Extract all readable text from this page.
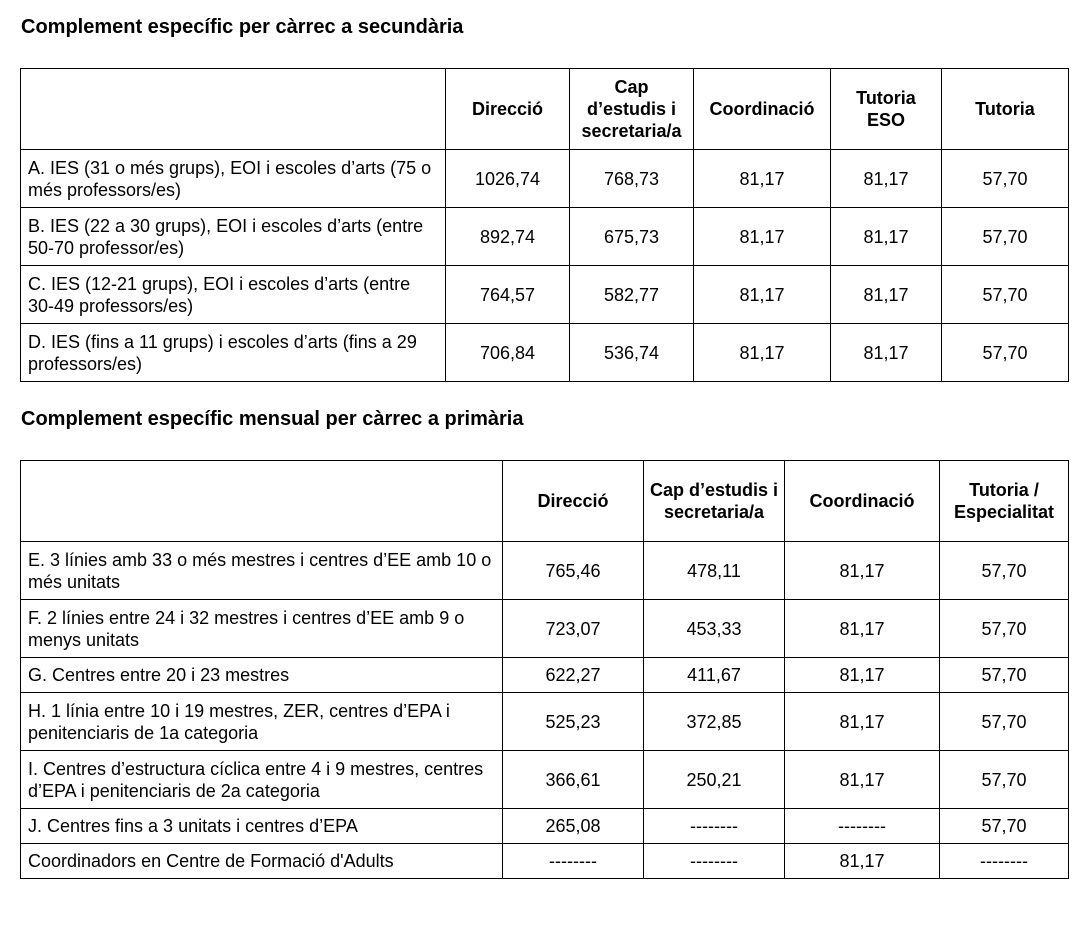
Complement específic per càrrec a secundària
	Direcció	Cap d’estudis i secretaria/a	Coordinació	Tutoria ESO	Tutoria
A. IES (31 o més grups), EOI i escoles d’arts (75 o més professors/es)	1026,74	768,73	81,17	81,17	57,70
B. IES (22 a 30 grups), EOI i escoles d’arts (entre 50-70 professor/es)	892,74	675,73	81,17	81,17	57,70
C. IES (12-21 grups), EOI i escoles d’arts (entre 30-49 professors/es)	764,57	582,77	81,17	81,17	57,70
D. IES (fins a 11 grups) i escoles d’arts (fins a 29 professors/es)	706,84	536,74	81,17	81,17	57,70
Complement específic mensual per càrrec a primària
	Direcció	Cap d’estudis i secretaria/a	Coordinació	Tutoria / Especialitat
E. 3 línies amb 33 o més mestres i centres d’EE amb 10 o més unitats	765,46	478,11	81,17	57,70
F. 2 línies entre 24 i 32 mestres i centres d’EE amb 9 o menys unitats	723,07	453,33	81,17	57,70
G. Centres entre 20 i 23 mestres	622,27	411,67	81,17	57,70
H. 1 línia entre 10 i 19 mestres, ZER, centres d’EPA i penitenciaris de 1a categoria	525,23	372,85	81,17	57,70
I. Centres d’estructura cíclica entre 4 i 9 mestres, centres d’EPA i penitenciaris de 2a categoria	366,61	250,21	81,17	57,70
J. Centres fins a 3 unitats i centres d’EPA	265,08	--------	--------	57,70
Coordinadors en Centre de Formació d'Adults	--------	--------	81,17	--------
